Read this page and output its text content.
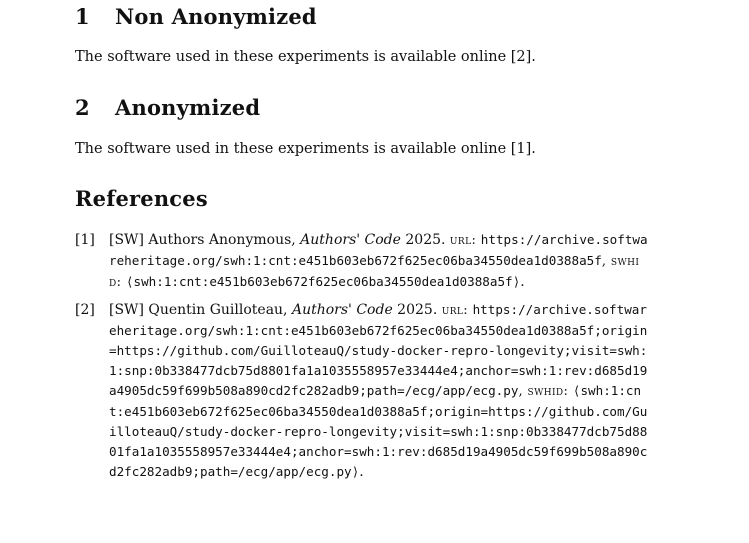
1	Non Anonymized

The software used in these experiments is available online [2].

2	Anonymized

The software used in these experiments is available online [1].

References
[1]	[SW] Authors Anonymous, Authors' Code 2025. url: https://archive.softwareheritage.org/swh:1:cnt:e451b603eb672f625ec06ba34550dea1d0388a5f, swhid: ⟨swh:1:cnt:e451b603eb672f625ec06ba34550dea1d0388a5f⟩.
[2]	[SW] Quentin Guilloteau, Authors' Code 2025. url: https://archive.softwareheritage.org/swh:1:cnt:e451b603eb672f625ec06ba34550dea1d0388a5f;origin=https://github.com/GuilloteauQ/study-docker-repro-longevity;visit=swh:1:snp:0b338477dcb75d8801fa1a1035558957e33444e4;anchor=swh:1:rev:d685d19a4905dc59f699b508a890cd2fc282adb9;path=/ecg/app/ecg.py, swhid: ⟨swh:1:cnt:e451b603eb672f625ec06ba34550dea1d0388a5f;origin=https://github.com/GuilloteauQ/study-docker-repro-longevity;visit=swh:1:snp:0b338477dcb75d8801fa1a1035558957e33444e4;anchor=swh:1:rev:d685d19a4905dc59f699b508a890cd2fc282adb9;path=/ecg/app/ecg.py⟩.
